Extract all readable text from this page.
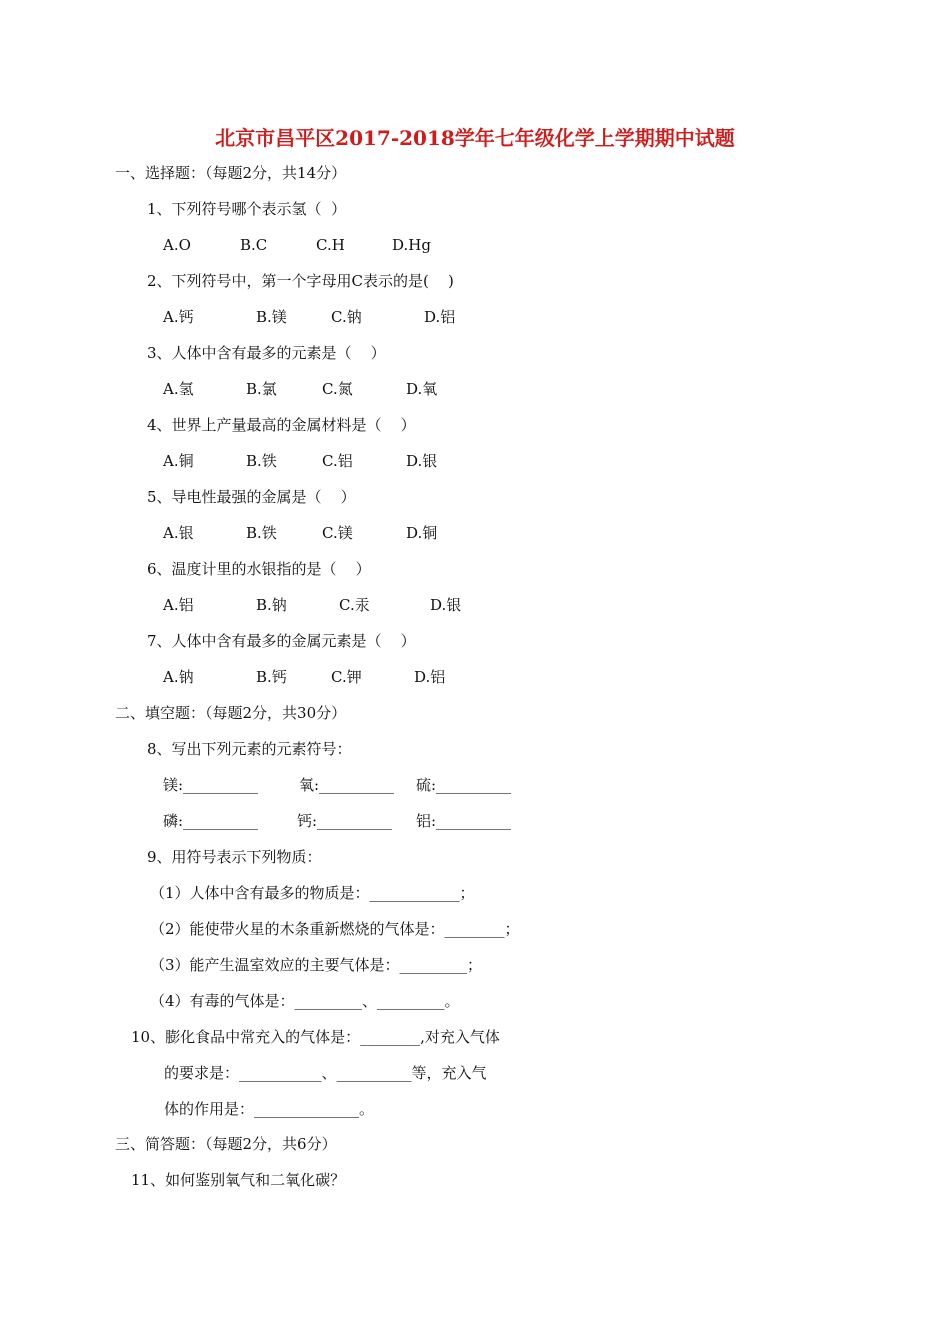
北京市昌平区2017-2018学年七年级化学上学期期中试题
一、选择题：（每题2分，共14分）
1、下列符号哪个表示氢（  ）
A.O	B.C	C.H	D.Hg
2、下列符号中，第一个字母用C表示的是(    )
A.钙	B.镁	C.钠	D.铝
3、人体中含有最多的元素是（    ）
A.氢	B.氯	C.氮	D.氧
4、世界上产量最高的金属材料是（    ）
A.铜	B.铁	C.铝	D.银
5、导电性最强的金属是（    ）
A.银	B.铁	C.镁	D.铜
6、温度计里的水银指的是（    ）
A.铝	B.钠	C.汞	D.银
7、人体中含有最多的金属元素是（    ）
A.钠	B.钙	C.钾	D.铝
二、填空题：（每题2分，共30分）
8、写出下列元素的元素符号：
镁:__________	氧:__________ 硫:__________
磷:__________	钙:__________ 铝:__________
9、用符号表示下列物质：
（1）人体中含有最多的物质是：____________；
（2）能使带火星的木条重新燃烧的气体是：________；
（3）能产生温室效应的主要气体是：_________；
（4）有毒的气体是：_________、_________。
10、膨化食品中常充入的气体是：________,对充入气体
的要求是：___________、__________等，充入气
体的作用是：______________。
三、简答题：（每题2分，共6分）
11、如何鉴别氧气和二氧化碳？
